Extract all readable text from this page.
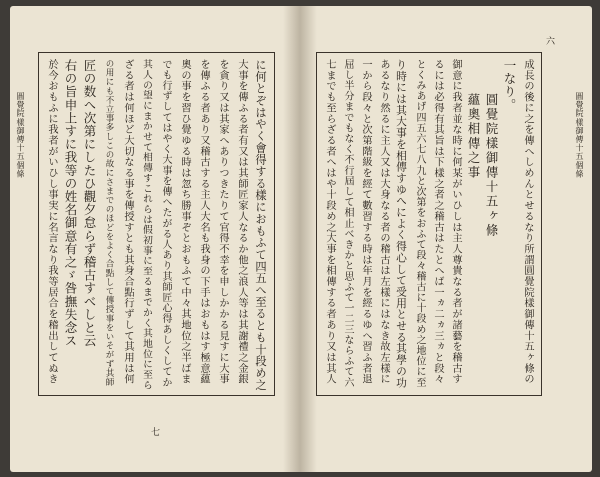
圓覺院樣御傳十五個條	に何とぞはやく會得する樣におもふて四五へ至るとも十段め之
大事を傳ふる者有又は其師匠家人なるか他之浪人等は其謝禮之金銀
を貪り又は其家へありつきたりて官得不幸を申しかかる見すに大事
を傳ふる者あり又稽古する主人大名も我身の下手はおもはす極意蘊
奧の事を習ひ覺ゆる時は忽ち勝事ぞとおもふて中々其地位之半ばま
でも行ずしてはやく大事を傳へたがる人あり其師匠心得あしくしてか
其人の望にまかせて相傳すこれらは假初事に至るまでかく其地位に至ら
ざる者は何ほど大切なる事を傳授すとも其身合點行ずして其用は何
の用にも不立事多しこの故にさまでのほどをよく合點して傳授事をいそがず其師
匠の数へ次第にしたひ觀夕怠らず稽古すべしと云
右の旨申上すに我等の姓名御意有之ゞ咎撫失念ス
於今おもふに我者がいひし事実に名言なり我等居合を稽出してぬき
七
成長の後に之を傳へしめんとせるなり所謂圓覺院樣御傳十五ヶ條の
一なり。
圓覺院樣御傳十五ヶ條
蘊奧相傳之事
御意に我者並な時に何某がいひしは主人尊貴なる者が諸藝を稽古す
るには必得有其旨は下樣之者之稽古はたとへば一ヵ二ヵ三ヵと段々
とくみあげ四五六七八九と次第をおふて段々稽古に十段め之地位に至
り時には其大事を相傳すゆへによく得心して受用とせる其學の功
あるなり然るに主人又は大身なる者の稽古は左樣にはなき故左樣に
一から段々と次第階級を經て數習する時は年月を經るゆへ習ふ者退
屈し半分までもなく不行屆して相止べきかと思ふて一二三ならふて六
七までも至らざる者へはや十段め之大事を相傳する者あり又は其人	圓覺院樣御傳十五個條
六
